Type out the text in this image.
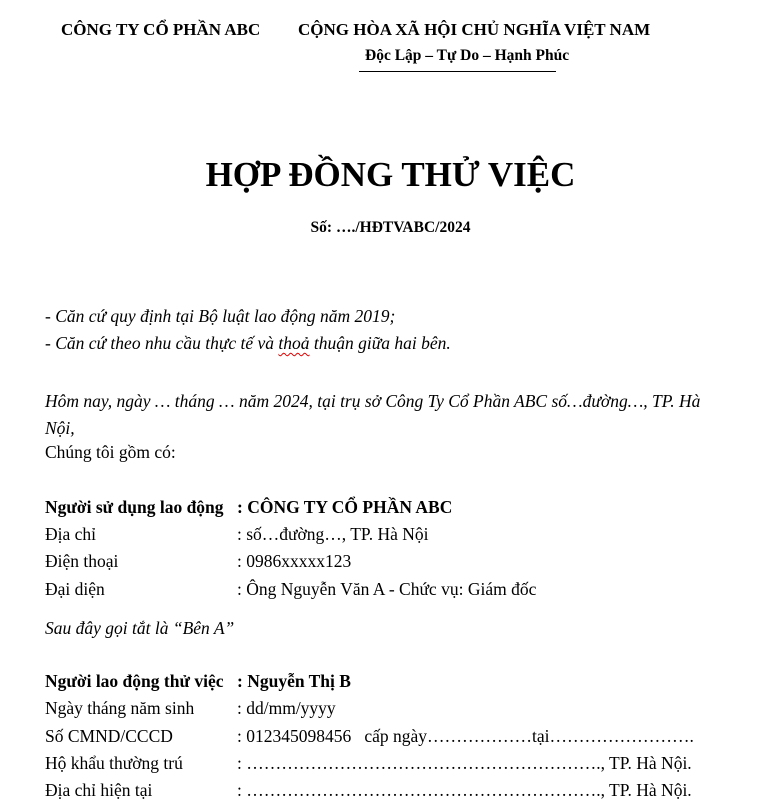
CÔNG TY CỔ PHẦN ABC CỘNG HÒA XÃ HỘI CHỦ NGHĨA VIỆT NAM
Độc Lập – Tự Do – Hạnh Phúc
HỢP ĐỒNG THỬ VIỆC
Số: …./HĐTVABC/2024
- Căn cứ quy định tại Bộ luật lao động năm 2019;
- Căn cứ theo nhu cầu thực tế và thoả thuận giữa hai bên.
Hôm nay, ngày … tháng … năm 2024, tại trụ sở Công Ty Cổ Phần ABC số…đường…, TP. Hà Nội,
Chúng tôi gồm có:
Người sử dụng lao động : CÔNG TY CỔ PHẦN ABC
Địa chỉ	: số…đường…, TP. Hà Nội
Điện thoại	: 0986xxxxx123
Đại diện	: Ông Nguyễn Văn A - Chức vụ: Giám đốc
Sau đây gọi tắt là “Bên A”
Người lao động thử việc : Nguyễn Thị B
Ngày tháng năm sinh : dd/mm/yyyy
Số CMND/CCCD	: 012345098456   cấp ngày………………tại…………………….
Hộ khẩu thường trú	: ……………………………………………………., TP. Hà Nội.
Địa chỉ hiện tại	: ……………………………………………………., TP. Hà Nội.
